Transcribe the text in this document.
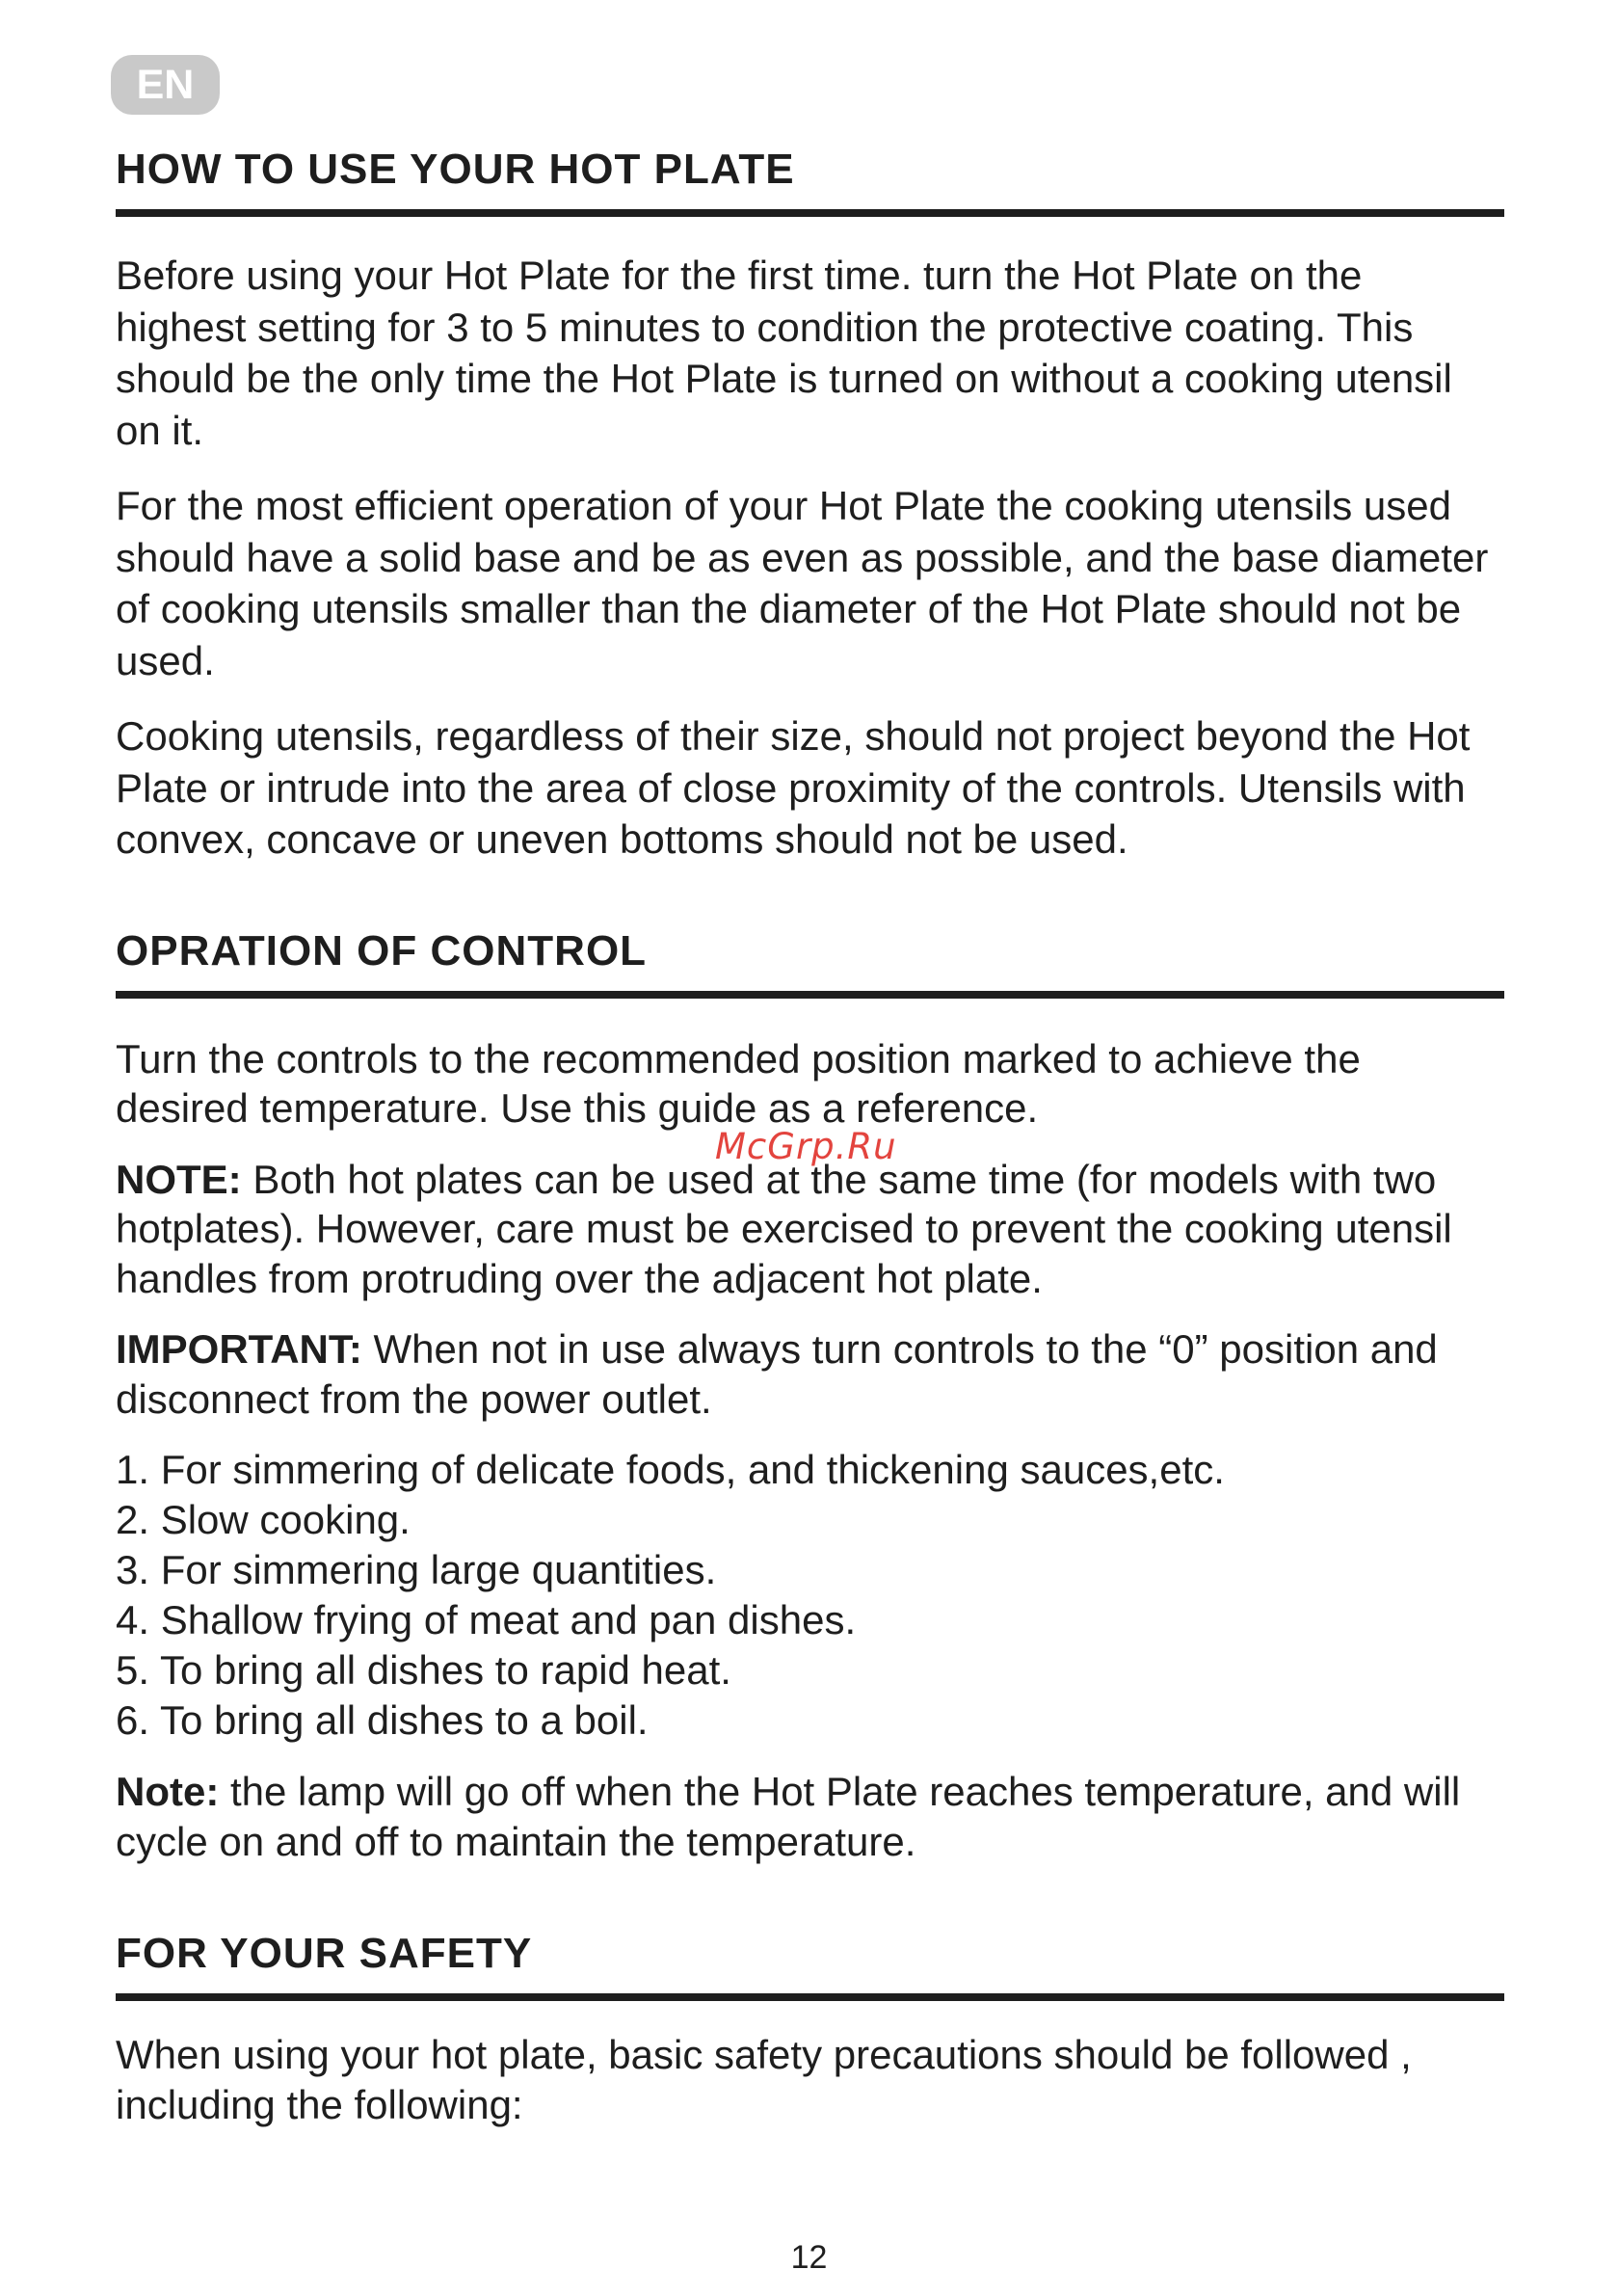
EN
HOW TO USE YOUR HOT PLATE

Before using your Hot Plate for the first time. turn the Hot Plate on the highest setting for 3 to 5 minutes to condition the protective coating. This should be the only time the Hot Plate is turned on without a cooking utensil on it.

For the most efficient operation of your Hot Plate the cooking utensils used should have a solid base and be as even as possible, and the base diameter of cooking utensils smaller than the diameter of the Hot Plate should not be used.

Cooking utensils, regardless of their size, should not project beyond the Hot Plate or intrude into the area of close proximity of the controls. Utensils with convex, concave or uneven bottoms should not be used.

OPRATION OF CONTROL

Turn the controls to the recommended position marked to achieve the desired temperature. Use this guide as a reference.

NOTE: Both hot plates can be used at the same time (for models with two hotplates). However, care must be exercised to prevent the cooking utensil handles from protruding over the adjacent hot plate.

IMPORTANT: When not in use always turn controls to the “0” position and disconnect from the power outlet.

1. For simmering of delicate foods, and thickening sauces,etc.
2. Slow cooking.
3. For simmering large quantities.
4. Shallow frying of meat and pan dishes.
5. To bring all dishes to rapid heat.
6. To bring all dishes to a boil.

Note: the lamp will go off when the Hot Plate reaches temperature, and will cycle on and off to maintain the temperature.

FOR YOUR SAFETY

When using your hot plate, basic safety precautions should be followed , including the following:

McGrp.Ru
12
